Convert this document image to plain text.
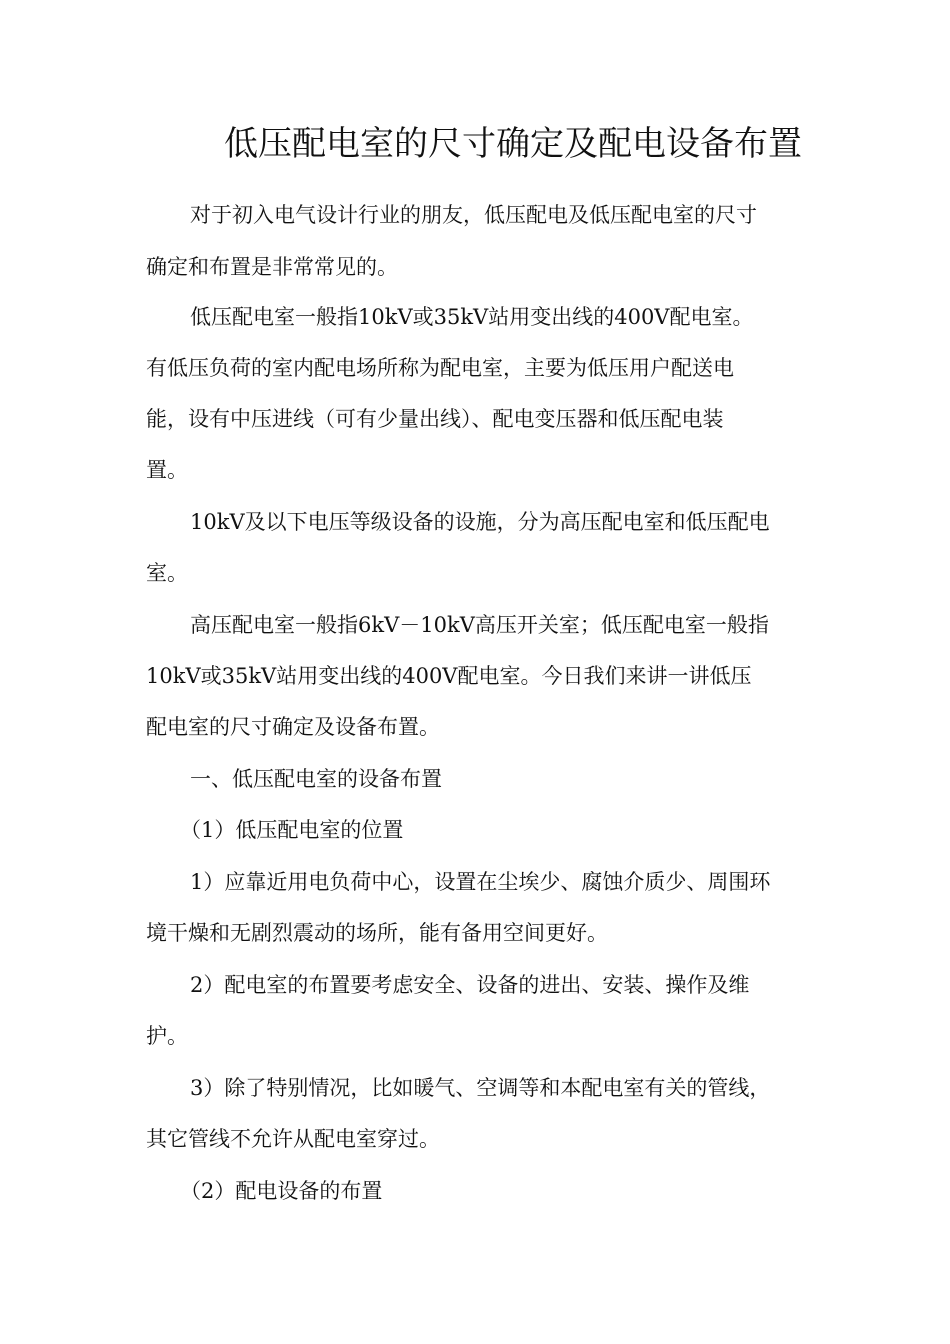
低压配电室的尺寸确定及配电设备布置
对于初入电气设计行业的朋友，低压配电及低压配电室的尺寸
确定和布置是非常常见的。
低压配电室一般指10kV或35kV站用变出线的400V配电室。
有低压负荷的室内配电场所称为配电室，主要为低压用户配送电
能，设有中压进线（可有少量出线）、配电变压器和低压配电装
置。
10kV及以下电压等级设备的设施，分为高压配电室和低压配电
室。
高压配电室一般指6kV－10kV高压开关室；低压配电室一般指
10kV或35kV站用变出线的400V配电室。今日我们来讲一讲低压
配电室的尺寸确定及设备布置。
一、低压配电室的设备布置
（1）低压配电室的位置
1）应靠近用电负荷中心，设置在尘埃少、腐蚀介质少、周围环
境干燥和无剧烈震动的场所，能有备用空间更好。
2）配电室的布置要考虑安全、设备的进出、安装、操作及维
护。
3）除了特别情况，比如暖气、空调等和本配电室有关的管线，
其它管线不允许从配电室穿过。
（2）配电设备的布置
